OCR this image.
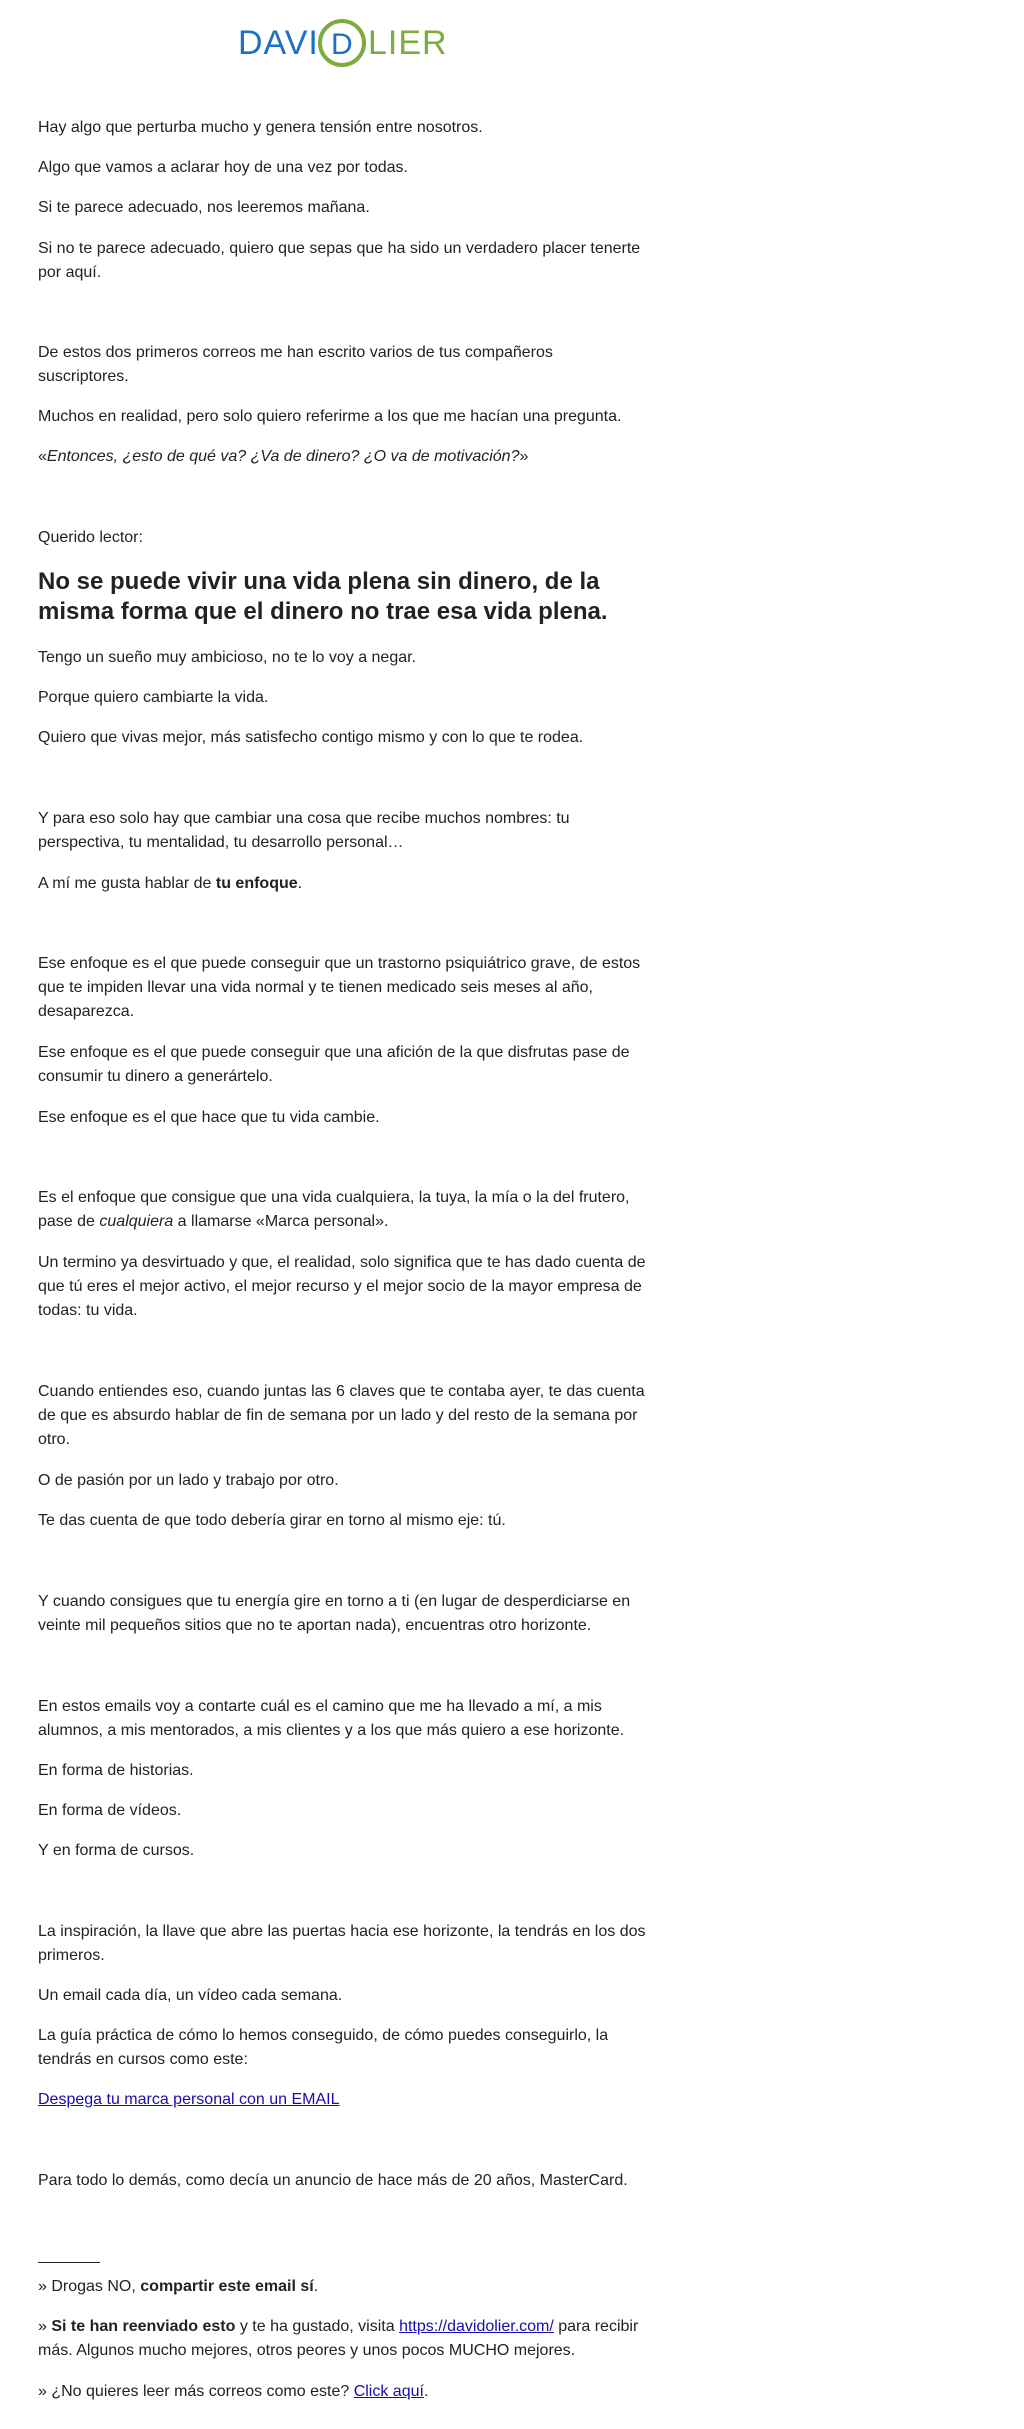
DAVI D LIER

Hay algo que perturba mucho y genera tensión entre nosotros.

Algo que vamos a aclarar hoy de una vez por todas.

Si te parece adecuado, nos leeremos mañana.

Si no te parece adecuado, quiero que sepas que ha sido un verdadero placer tenerte por aquí.

De estos dos primeros correos me han escrito varios de tus compañeros suscriptores.

Muchos en realidad, pero solo quiero referirme a los que me hacían una pregunta.

«Entonces, ¿esto de qué va? ¿Va de dinero? ¿O va de motivación?»

Querido lector:

No se puede vivir una vida plena sin dinero, de la misma forma que el dinero no trae esa vida plena.

Tengo un sueño muy ambicioso, no te lo voy a negar.

Porque quiero cambiarte la vida.

Quiero que vivas mejor, más satisfecho contigo mismo y con lo que te rodea.

Y para eso solo hay que cambiar una cosa que recibe muchos nombres: tu perspectiva, tu mentalidad, tu desarrollo personal…

A mí me gusta hablar de tu enfoque.

Ese enfoque es el que puede conseguir que un trastorno psiquiátrico grave, de estos que te impiden llevar una vida normal y te tienen medicado seis meses al año, desaparezca.

Ese enfoque es el que puede conseguir que una afición de la que disfrutas pase de consumir tu dinero a generártelo.

Ese enfoque es el que hace que tu vida cambie.

Es el enfoque que consigue que una vida cualquiera, la tuya, la mía o la del frutero, pase de cualquiera a llamarse «Marca personal».

Un termino ya desvirtuado y que, el realidad, solo significa que te has dado cuenta de que tú eres el mejor activo, el mejor recurso y el mejor socio de la mayor empresa de todas: tu vida.

Cuando entiendes eso, cuando juntas las 6 claves que te contaba ayer, te das cuenta de que es absurdo hablar de fin de semana por un lado y del resto de la semana por otro.

O de pasión por un lado y trabajo por otro.

Te das cuenta de que todo debería girar en torno al mismo eje: tú.

Y cuando consigues que tu energía gire en torno a ti (en lugar de desperdiciarse en veinte mil pequeños sitios que no te aportan nada), encuentras otro horizonte.

En estos emails voy a contarte cuál es el camino que me ha llevado a mí, a mis alumnos, a mis mentorados, a mis clientes y a los que más quiero a ese horizonte.

En forma de historias.

En forma de vídeos.

Y en forma de cursos.

La inspiración, la llave que abre las puertas hacia ese horizonte, la tendrás en los dos primeros.

Un email cada día, un vídeo cada semana.

La guía práctica de cómo lo hemos conseguido, de cómo puedes conseguirlo, la tendrás en cursos como este:

Despega tu marca personal con un EMAIL

Para todo lo demás, como decía un anuncio de hace más de 20 años, MasterCard.

» Drogas NO, compartir este email sí.

» Si te han reenviado esto y te ha gustado, visita https://davidolier.com/ para recibir más. Algunos mucho mejores, otros peores y unos pocos MUCHO mejores.

» ¿No quieres leer más correos como este? Click aquí.
